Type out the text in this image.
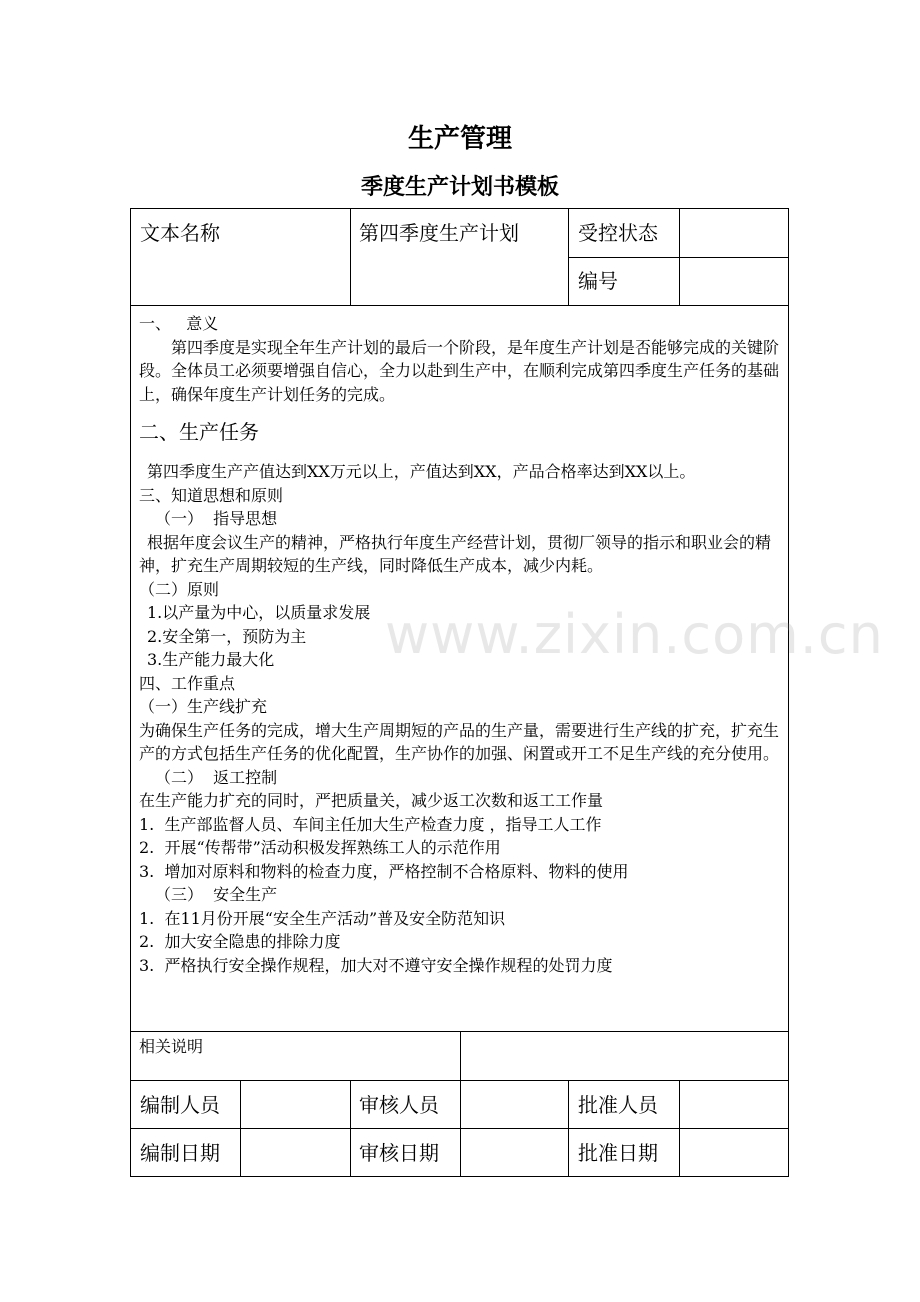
生产管理
季度生产计划书模板
文本名称	第四季度生产计划	受控状态
编号

一、   意义

第四季度是实现全年生产计划的最后一个阶段，是年度生产计划是否能够完成的关键阶段。全体员工必须要增强自信心，全力以赴到生产中，在顺利完成第四季度生产任务的基础上，确保年度生产计划任务的完成。

二、生产任务

第四季度生产产值达到XX万元以上，产值达到XX，产品合格率达到XX以上。

三、知道思想和原则

（一）  指导思想

根据年度会议生产的精神，严格执行年度生产经营计划，贯彻厂领导的指示和职业会的精神，扩充生产周期较短的生产线，同时降低生产成本，减少内耗。

（二）原则

1.以产量为中心，以质量求发展

2.安全第一，预防为主

3.生产能力最大化

四、工作重点

（一）生产线扩充

为确保生产任务的完成，增大生产周期短的产品的生产量，需要进行生产线的扩充，扩充生产的方式包括生产任务的优化配置，生产协作的加强、闲置或开工不足生产线的充分使用。

（二）  返工控制

在生产能力扩充的同时，严把质量关，减少返工次数和返工工作量

1.  生产部监督人员、车间主任加大生产检查力度 ，指导工人工作

2.  开展“传帮带”活动积极发挥熟练工人的示范作用

3.  增加对原料和物料的检查力度，严格控制不合格原料、物料的使用

（三）  安全生产

1.  在11月份开展“安全生产活动”普及安全防范知识

2.  加大安全隐患的排除力度

3.  严格执行安全操作规程，加大对不遵守安全操作规程的处罚力度

相关说明
编制人员	审核人员	批准人员
编制日期	审核日期	批准日期
www.zixin.com.cn
